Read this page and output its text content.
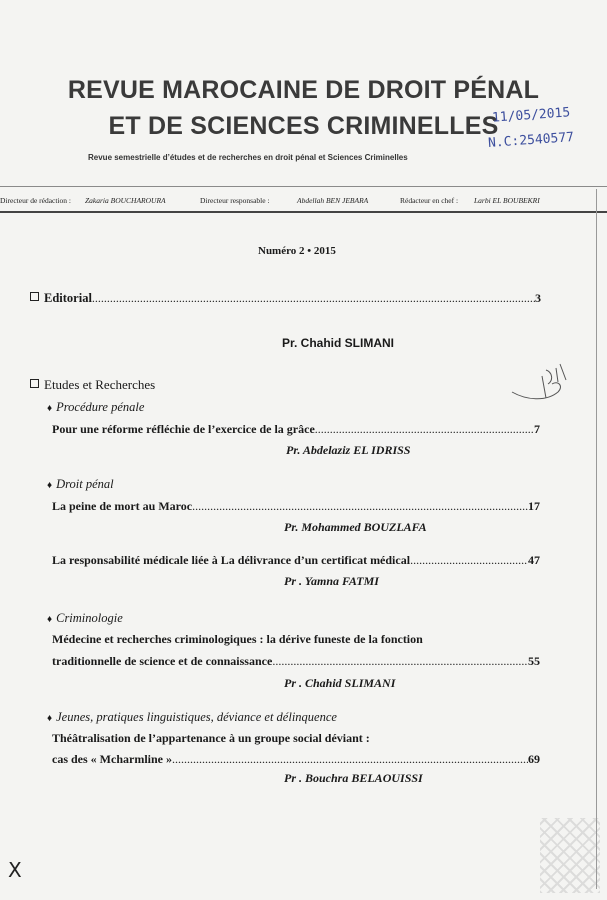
REVUE MAROCAINE DE DROIT PÉNAL
ET DE SCIENCES CRIMINELLES
11/05/2015
N.C:2540577
Revue semestrielle d’études et de recherches en droit pénal et Sciences Criminelles
Directeur de rédaction : Zakaria BOUCHAROURA	Directeur responsable :	Abdellah BEN JEBARA	Rédacteur en chef : Larbi EL BOUBEKRI
Numéro 2 • 2015
Editorial .....	3
Pr. Chahid SLIMANI
Etudes et Recherches
♦ Procédure pénale
Pour une réforme réfléchie de l’exercice de la grâce .....	7
Pr. Abdelaziz EL IDRISS
♦ Droit pénal
La peine de mort au Maroc .....	17
Pr. Mohammed BOUZLAFA
La responsabilité médicale liée à La délivrance d’un certificat médical .....	47
Pr . Yamna FATMI
♦ Criminologie
Médecine et recherches criminologiques : la dérive funeste de la fonction
traditionnelle de science et de connaissance .....	55
Pr . Chahid SLIMANI
♦ Jeunes, pratiques linguistiques, déviance et délinquence
Théâtralisation de l’appartenance à un groupe social déviant :
cas des « Mcharmline » .....	69
Pr . Bouchra BELAOUISSI
X
